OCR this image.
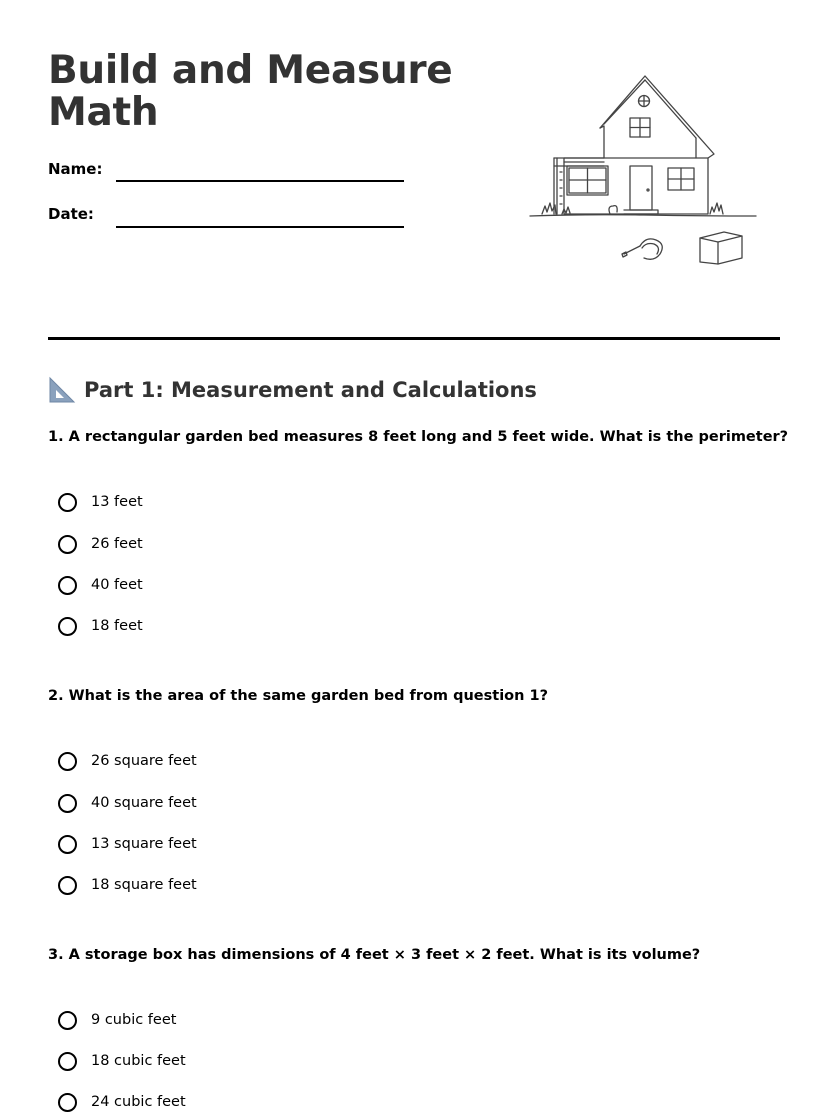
Build and Measure Math
Name:
Date:
Part 1: Measurement and Calculations
1. A rectangular garden bed measures 8 feet long and 5 feet wide. What is the perimeter?
13 feet
26 feet
40 feet
18 feet
2. What is the area of the same garden bed from question 1?
26 square feet
40 square feet
13 square feet
18 square feet
3. A storage box has dimensions of 4 feet × 3 feet × 2 feet. What is its volume?
9 cubic feet
18 cubic feet
24 cubic feet
